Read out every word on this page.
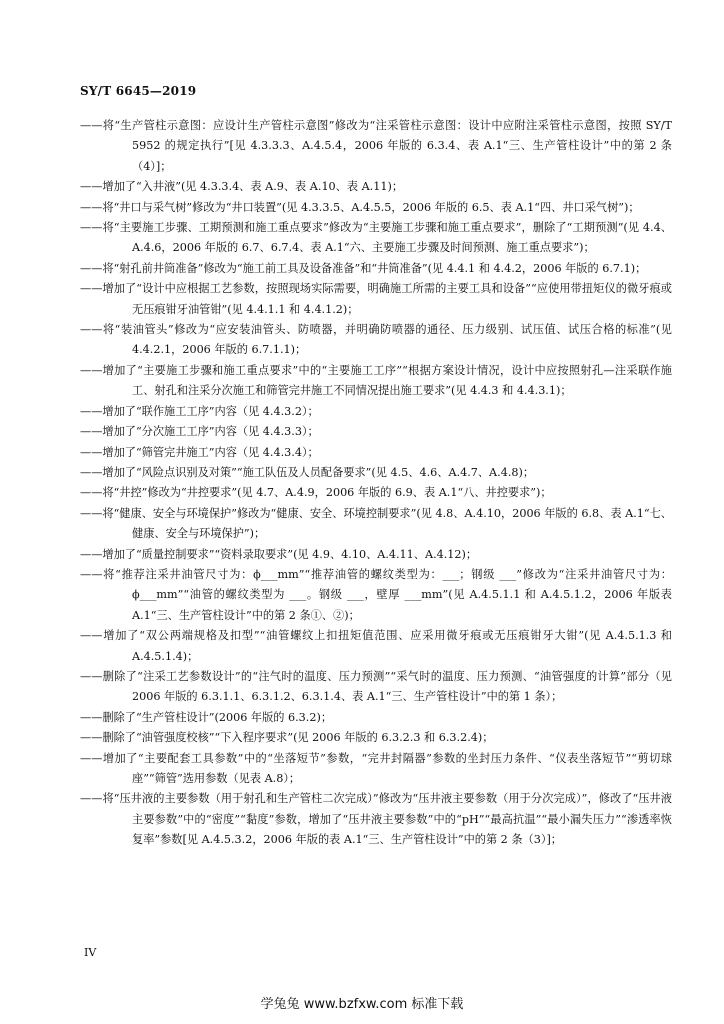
SY/T 6645—2019

——将“生产管柱示意图：应设计生产管柱示意图”修改为“注采管柱示意图：设计中应附注采管柱示意图，按照 SY/T 5952 的规定执行”[见 4.3.3.3、A.4.5.4，2006 年版的 6.3.4、表 A.1“三、生产管柱设计”中的第 2 条（4）]；

——增加了“入井液”(见 4.3.3.4、表 A.9、表 A.10、表 A.11)；

——将“井口与采气树”修改为“井口装置”(见 4.3.3.5、A.4.5.5，2006 年版的 6.5、表 A.1“四、井口采气树”)；

——将“主要施工步骤、工期预测和施工重点要求”修改为“主要施工步骤和施工重点要求”，删除了“工期预测”(见 4.4、A.4.6，2006 年版的 6.7、6.7.4、表 A.1“六、主要施工步骤及时间预测、施工重点要求”)；

——将“射孔前井筒准备”修改为“施工前工具及设备准备”和“井筒准备”(见 4.4.1 和 4.4.2，2006 年版的 6.7.1)；

——增加了“设计中应根据工艺参数，按照现场实际需要，明确施工所需的主要工具和设备”“应使用带扭矩仪的微牙痕或无压痕钳牙油管钳”(见 4.4.1.1 和 4.4.1.2)；

——将“装油管头”修改为“应安装油管头、防喷器，并明确防喷器的通径、压力级别、试压值、试压合格的标准”(见 4.4.2.1，2006 年版的 6.7.1.1)；

——增加了“主要施工步骤和施工重点要求”中的“主要施工工序”“根据方案设计情况，设计中应按照射孔—注采联作施工、射孔和注采分次施工和筛管完井施工不同情况提出施工要求”(见 4.4.3 和 4.4.3.1)；

——增加了“联作施工工序”内容（见 4.4.3.2）；

——增加了“分次施工工序”内容（见 4.4.3.3）；

——增加了“筛管完井施工”内容（见 4.4.3.4）；

——增加了“风险点识别及对策”“施工队伍及人员配备要求”(见 4.5、4.6、A.4.7、A.4.8)；

——将“井控”修改为“井控要求”(见 4.7、A.4.9，2006 年版的 6.9、表 A.1“八、井控要求”)；

——将“健康、安全与环境保护”修改为“健康、安全、环境控制要求”(见 4.8、A.4.10，2006 年版的 6.8、表 A.1“七、健康、安全与环境保护”)；

——增加了“质量控制要求”“资料录取要求”(见 4.9、4.10、A.4.11、A.4.12)；

——将“推荐注采井油管尺寸为：ϕ___mm”“推荐油管的螺纹类型为：___；钢级 ___”修改为“注采井油管尺寸为：ϕ___mm”“油管的螺纹类型为 ___。钢级 ___，壁厚 ___mm”(见 A.4.5.1.1 和 A.4.5.1.2，2006 年版表 A.1“三、生产管柱设计”中的第 2 条①、②)；

——增加了“双公两端规格及扣型”“油管螺纹上扣扭矩值范围、应采用微牙痕或无压痕钳牙大钳”(见 A.4.5.1.3 和 A.4.5.1.4)；

——删除了“注采工艺参数设计”的“注气时的温度、压力预测”“采气时的温度、压力预测、“油管强度的计算”部分（见 2006 年版的 6.3.1.1、6.3.1.2、6.3.1.4、表 A.1“三、生产管柱设计”中的第 1 条）；

——删除了“生产管柱设计”(2006 年版的 6.3.2)；

——删除了“油管强度校核”“下入程序要求”(见 2006 年版的 6.3.2.3 和 6.3.2.4)；

——增加了“主要配套工具参数”中的“坐落短节”参数，“完井封隔器”参数的坐封压力条件、“仪表坐落短节”“剪切球座”“筛管”选用参数（见表 A.8）；

——将“压井液的主要参数（用于射孔和生产管柱二次完成）”修改为“压井液主要参数（用于分次完成）”，修改了“压井液主要参数”中的“密度”“黏度”参数，增加了“压井液主要参数”中的“pH”“最高抗温”“最小漏失压力”“渗透率恢复率”参数[见 A.4.5.3.2，2006 年版的表 A.1“三、生产管柱设计”中的第 2 条（3）]；

IV
学兔兔 www.bzfxw.com 标准下载
